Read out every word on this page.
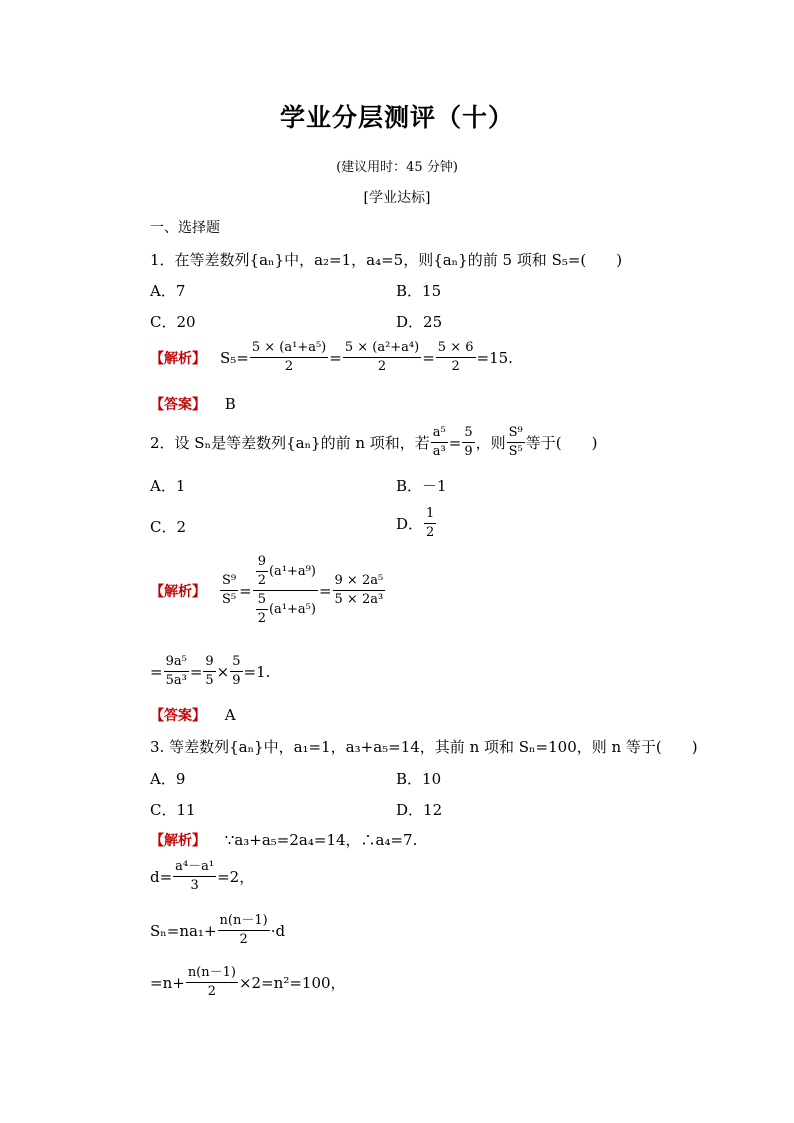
学业分层测评（十）
(建议用时：45 分钟)
[学业达标]
一、选择题
1．在等差数列{aₙ}中，a₂=1，a₄=5，则{aₙ}的前 5 项和 S₅=(　　)
A．7	B．15
C．20	D．25
【解析】 $S_5= \frac{\text{5 × (a¹+a⁵)}}{2} = \frac{\text{5 × (a²+a⁴)}}{2} = \frac{5 \times 6}{2} =15$.
【答案】 B
2．设 Sₙ是等差数列{aₙ}的前 n 项和，若 $\frac{\text{a⁵}}{\text{a³}} = \frac{5}{9}$ ，则 $\frac{\text{S⁹}}{\text{S⁵}}$ 等于(　　)
A．1	B．－1
C．2	D． $\frac{1}{2}$
【解析】 $\frac{\text{S⁹}}{\text{S⁵}} = \frac{\frac{9}{2} (a^1+a^9)}{\frac{5}{2} (a^1+a^5)} = \frac{\text{9 × 2a⁵}}{\text{5 × 2a³}}$
= $\frac{\text{9a⁵}}{\text{5a³}} = \frac{9}{5} \times \frac{5}{9} =1$.
【答案】 A
3. 等差数列{aₙ}中，a₁=1，a₃+a₅=14，其前 n 项和 Sₙ=100，则 n 等于(　　)
A．9	B．10
C．11	D．12
【解析】 ∵a₃+a₅=2a₄=14，∴a₄=7.
$d= \frac{\text{a⁴－a¹}}{3} =2$，
$S_n=na_1+ \frac{n(n-1)}{2} \cdot d$
$=n+ \frac{n(n-1)}{2} \times 2=n^2=100$，
